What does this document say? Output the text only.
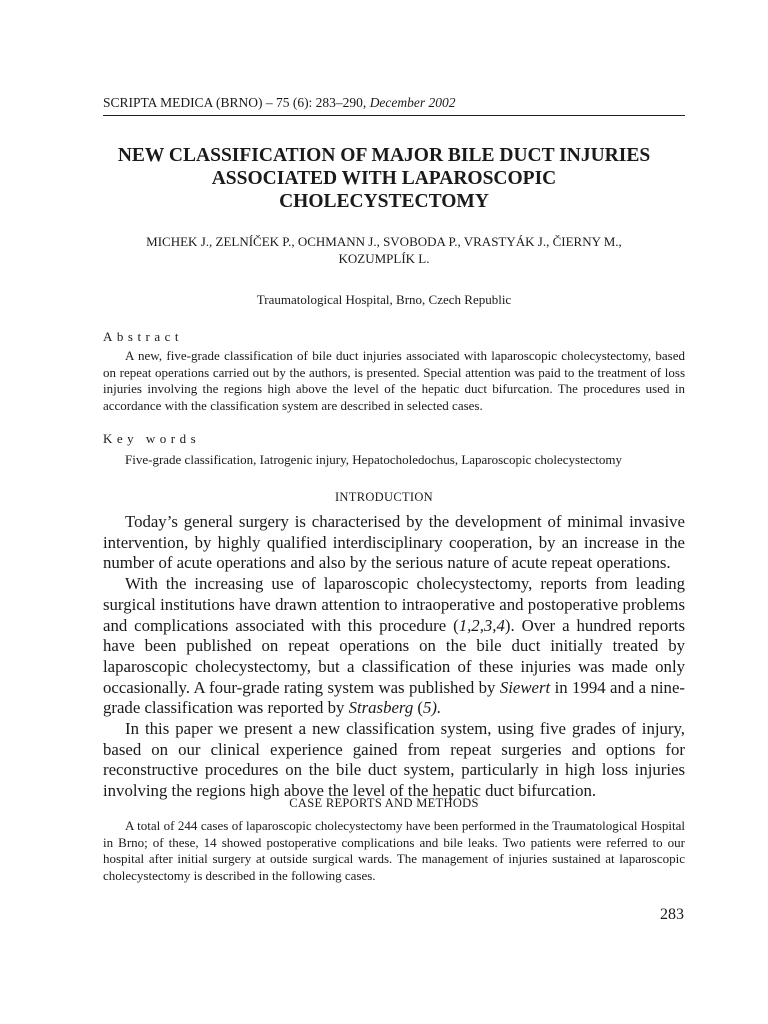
SCRIPTA MEDICA (BRNO) – 75 (6): 283–290, December 2002
NEW CLASSIFICATION OF MAJOR BILE DUCT INJURIES
ASSOCIATED WITH LAPAROSCOPIC
CHOLECYSTECTOMY
MICHEK J., ZELNÍČEK P., OCHMANN J., SVOBODA P., VRASTYÁK J., ČIERNY M.,
KOZUMPLÍK L.
Traumatological Hospital, Brno, Czech Republic
Abstract
A new, five-grade classification of bile duct injuries associated with laparoscopic cholecystectomy, based on repeat operations carried out by the authors, is presented. Special attention was paid to the treatment of loss injuries involving the regions high above the level of the hepatic duct bifurcation. The procedures used in accordance with the classification system are described in selected cases.
Key words
Five-grade classification, Iatrogenic injury, Hepatocholedochus, Laparoscopic cholecystectomy
INTRODUCTION

Today’s general surgery is characterised by the development of minimal invasive intervention, by highly qualified interdisciplinary cooperation, by an increase in the number of acute operations and also by the serious nature of acute repeat operations.

With the increasing use of laparoscopic cholecystectomy, reports from leading surgical institutions have drawn attention to intraoperative and postoperative problems and complications associated with this procedure (1,2,3,4). Over a hundred reports have been published on repeat operations on the bile duct initially treated by laparoscopic cholecystectomy, but a classification of these injuries was made only occasionally. A four-grade rating system was published by Siewert in 1994 and a nine-grade classification was reported by Strasberg (5).

In this paper we present a new classification system, using five grades of injury, based on our clinical experience gained from repeat surgeries and options for reconstructive procedures on the bile duct system, particularly in high loss injuries involving the regions high above the level of the hepatic duct bifurcation.

CASE REPORTS AND METHODS
A total of 244 cases of laparoscopic cholecystectomy have been performed in the Traumatological Hospital in Brno; of these, 14 showed postoperative complications and bile leaks. Two patients were referred to our hospital after initial surgery at outside surgical wards. The management of injuries sustained at laparoscopic cholecystectomy is described in the following cases.
283
